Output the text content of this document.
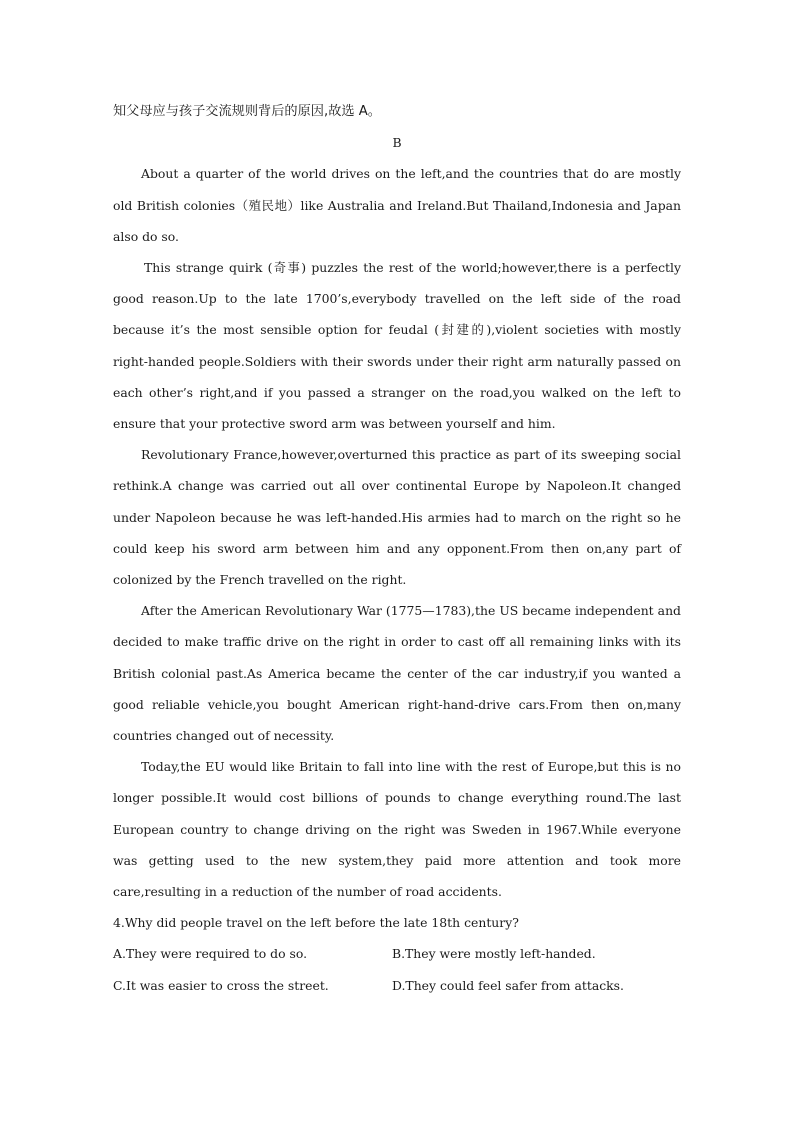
知父母应与孩子交流规则背后的原因,故选 A。
B

About a quarter of the world drives on the left,and the countries that do are mostly old British colonies（殖民地）like Australia and Ireland.But Thailand,Indonesia and Japan also do so.

This strange quirk (奇事) puzzles the rest of the world;however,there is a perfectly good reason.Up to the late 1700’s,everybody travelled on the left side of the road because it’s the most sensible option for feudal (封建的),violent societies with mostly right-handed people.Soldiers with their swords under their right arm naturally passed on each other’s right,and if you passed a stranger on the road,you walked on the left to ensure that your protective sword arm was between yourself and him.

Revolutionary France,however,overturned this practice as part of its sweeping social rethink.A change was carried out all over continental Europe by Napoleon.It changed under Napoleon because he was left-handed.His armies had to march on the right so he could keep his sword arm between him and any opponent.From then on,any part of colonized by the French travelled on the right.

After the American Revolutionary War (1775—1783),the US became independent and decided to make traffic drive on the right in order to cast off all remaining links with its British colonial past.As America became the center of the car industry,if you wanted a good reliable vehicle,you bought American right-hand-drive cars.From then on,many countries changed out of necessity.

Today,the EU would like Britain to fall into line with the rest of Europe,but this is no longer possible.It would cost billions of pounds to change everything round.The last European country to change driving on the right was Sweden in 1967.While everyone was getting used to the new system,they paid more attention and took more care,resulting in a reduction of the number of road accidents.

4.Why did people travel on the left before the late 18th century?
A.They were required to do so.	B.They were mostly left-handed.
C.It was easier to cross the street.	D.They could feel safer from attacks.
